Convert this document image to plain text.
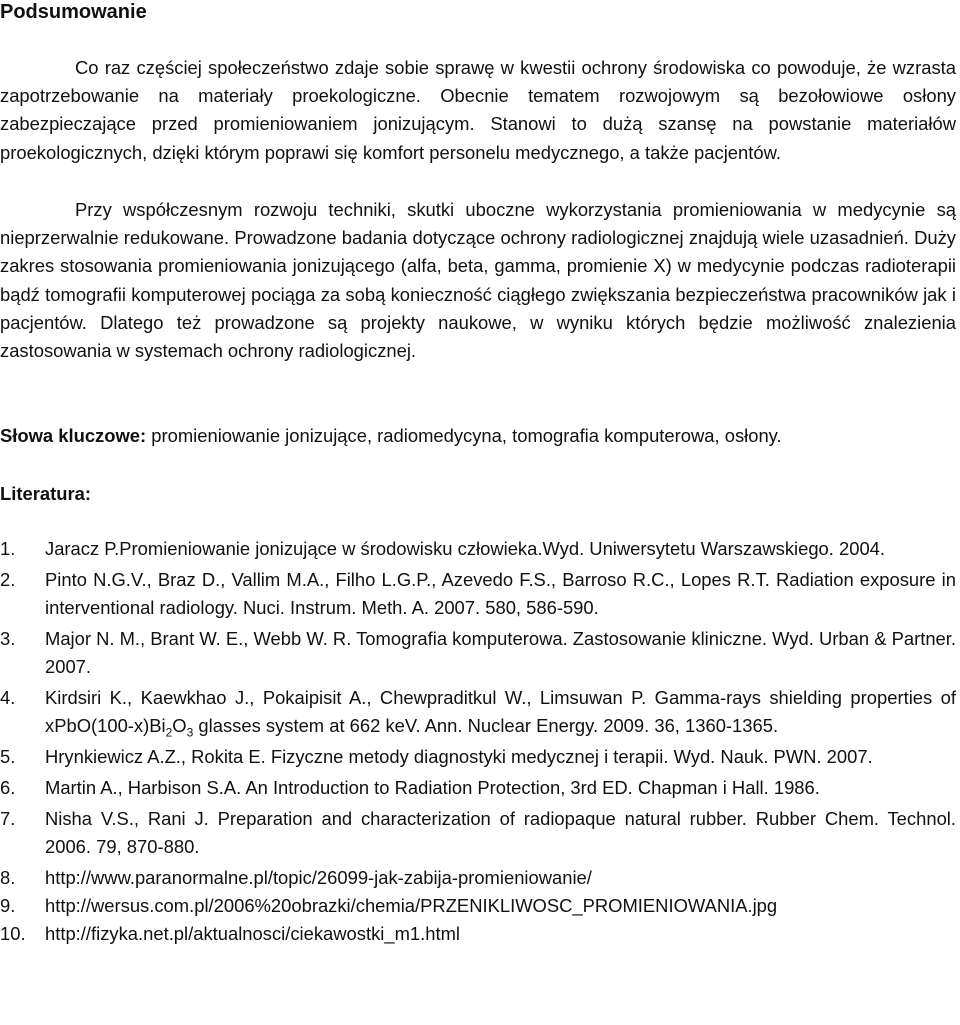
Podsumowanie

Co raz częściej społeczeństwo zdaje sobie sprawę w kwestii ochrony środowiska co powoduje, że wzrasta zapotrzebowanie na materiały proekologiczne. Obecnie tematem rozwojowym są bezołowiowe osłony zabezpieczające przed promieniowaniem jonizującym. Stanowi to dużą szansę na powstanie materiałów proekologicznych, dzięki którym poprawi się komfort personelu medycznego, a także pacjentów.

Przy współczesnym rozwoju techniki, skutki uboczne wykorzystania promieniowania w medycynie są nieprzerwalnie redukowane. Prowadzone badania dotyczące ochrony radiologicznej znajdują wiele uzasadnień. Duży zakres stosowania promieniowania jonizującego (alfa, beta, gamma, promienie X) w medycynie podczas radioterapii bądź tomografii komputerowej pociąga za sobą konieczność ciągłego zwiększania bezpieczeństwa pracowników jak i pacjentów. Dlatego też prowadzone są projekty naukowe, w wyniku których będzie możliwość znalezienia zastosowania w systemach ochrony radiologicznej.

Słowa kluczowe: promieniowanie jonizujące, radiomedycyna, tomografia komputerowa, osłony.

Literatura:
1. Jaracz P.Promieniowanie jonizujące w środowisku człowieka.Wyd. Uniwersytetu Warszawskiego. 2004.
2. Pinto N.G.V., Braz D., Vallim M.A., Filho L.G.P., Azevedo F.S., Barroso R.C., Lopes R.T. Radiation exposure in interventional radiology. Nuci. Instrum. Meth. A. 2007. 580, 586-590.
3. Major N. M., Brant W. E., Webb W. R. Tomografia komputerowa. Zastosowanie kliniczne. Wyd. Urban & Partner. 2007.
4. Kirdsiri K., Kaewkhao J., Pokaipisit A., Chewpraditkul W., Limsuwan P. Gamma-rays shielding properties of $xPbO(100-x)Bi_2O_3$ glasses system at 662 keV. Ann. Nuclear Energy. 2009. 36, 1360-1365.
5. Hrynkiewicz A.Z., Rokita E. Fizyczne metody diagnostyki medycznej i terapii. Wyd. Nauk. PWN. 2007.
6. Martin A., Harbison S.A. An Introduction to Radiation Protection, 3rd ED. Chapman i Hall. 1986.
7. Nisha V.S., Rani J. Preparation and characterization of radiopaque natural rubber. Rubber Chem. Technol. 2006. 79, 870-880.
8. http://www.paranormalne.pl/topic/26099-jak-zabija-promieniowanie/
9. http://wersus.com.pl/2006%20obrazki/chemia/PRZENIKLIWOSC_PROMIENIOWANIA.jpg
10. http://fizyka.net.pl/aktualnosci/ciekawostki_m1.html
